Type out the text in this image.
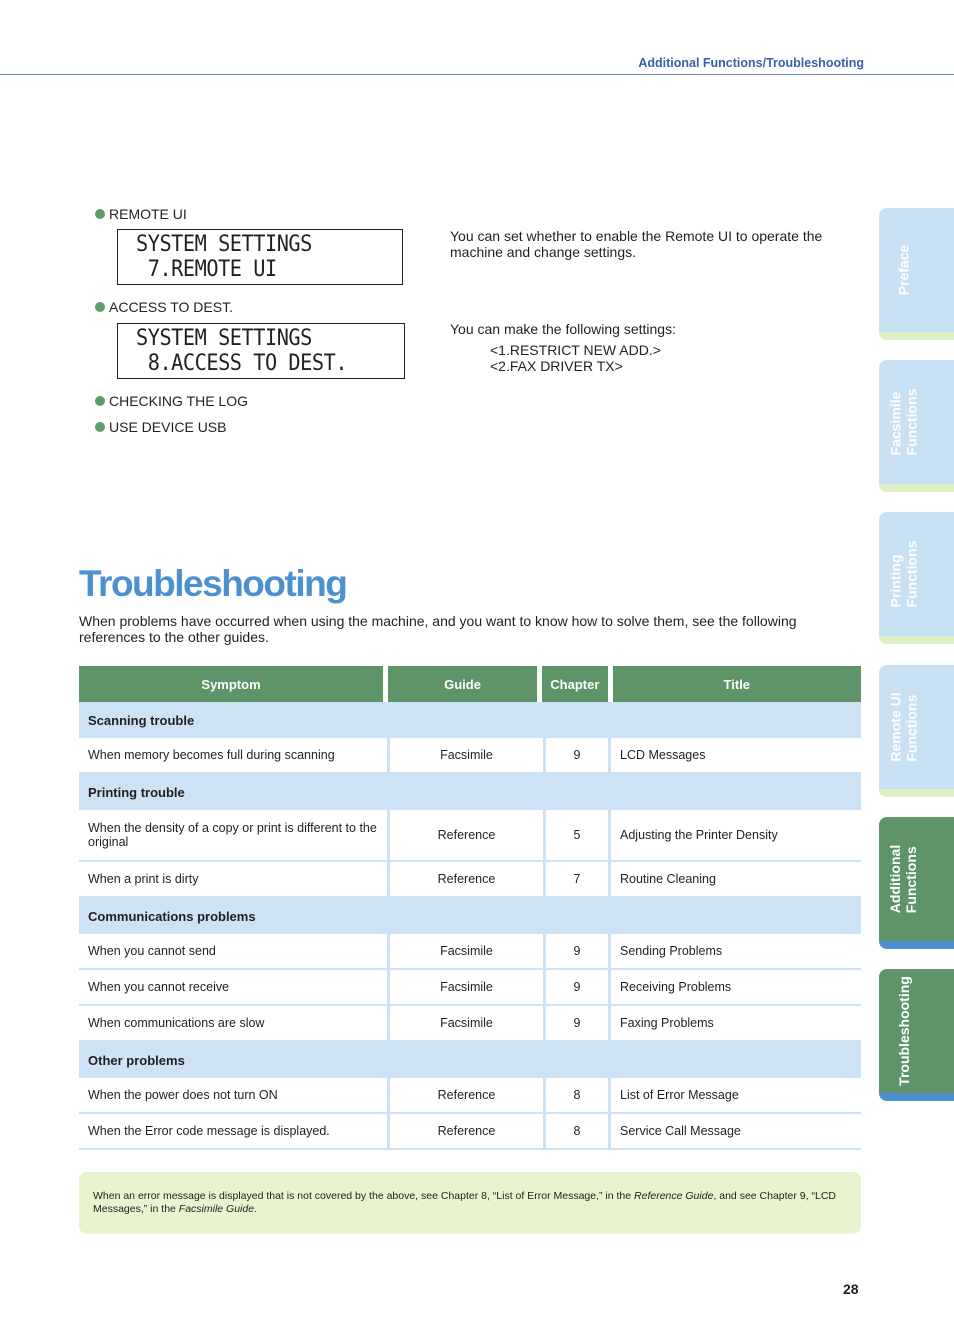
Additional Functions/Troubleshooting
REMOTE UI
SYSTEM SETTINGS
7.REMOTE UI
You can set whether to enable the Remote UI to operate the machine and change settings.
ACCESS TO DEST.
SYSTEM SETTINGS
8.ACCESS TO DEST.
You can make the following settings:
<1.RESTRICT NEW ADD.>
<2.FAX DRIVER TX>
CHECKING THE LOG
USE DEVICE USB
Troubleshooting
When problems have occurred when using the machine, and you want to know how to solve them, see the following references to the other guides.
Symptom	Guide	Chapter	Title
Scanning trouble
When memory becomes full during scanning	Facsimile	9	LCD Messages
Printing trouble
When the density of a copy or print is different to the original	Reference	5	Adjusting the Printer Density
When a print is dirty	Reference	7	Routine Cleaning
Communications problems
When you cannot send	Facsimile	9	Sending Problems
When you cannot receive	Facsimile	9	Receiving Problems
When communications are slow	Facsimile	9	Faxing Problems
Other problems
When the power does not turn ON	Reference	8	List of Error Message
When the Error code message is displayed.	Reference	8	Service Call Message
When an error message is displayed that is not covered by the above, see Chapter 8, “List of Error Message,” in the Reference Guide, and see Chapter 9, “LCD Messages,” in the Facsimile Guide.
28
Preface
Facsimile
Functions
Printing
Functions
Remote UI
Functions
Additional
Functions
Troubleshooting
